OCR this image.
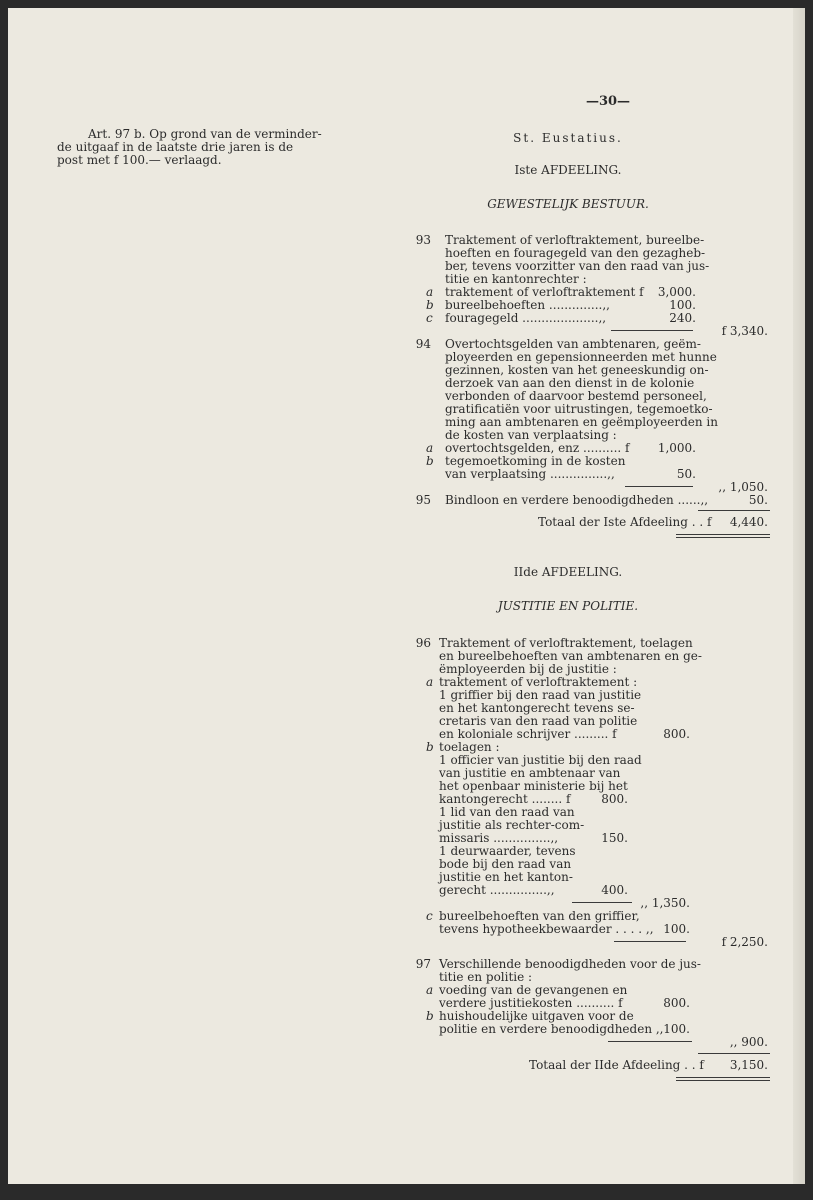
—30—
Art. 97 b. Op grond van de verminder-
de uitgaaf in de laatste drie jaren is de
post met f 100.— verlaagd.
St. Eustatius.
Iste AFDEELING.
GEWESTELIJK BESTUUR.
93 Traktement of verloftraktement, bureelbe-
hoeften en fouragegeld van den gezagheb-
ber, tevens voorzitter van den raad van jus-
titie en kantonrechter :
a traktement of verloftraktement f	3,000.
b bureelbehoeften ..............,,	100.
c fouragegeld ....................,,	240.
f 3,340.
94 Overtochtsgelden van ambtenaren, geëm-
ployeerden en gepensionneerden met hunne
gezinnen, kosten van het geneeskundig on-
derzoek van aan den dienst in de kolonie
verbonden of daarvoor bestemd personeel,
gratificatiën voor uitrustingen, tegemoetko-
ming aan ambtenaren en geëmployeerden in
de kosten van verplaatsing :
a overtochtsgelden, enz .......... f	1,000.
b tegemoetkoming in de kosten
van verplaatsing ...............,,	50.
,, 1,050.
95 Bindloon en verdere benoodigdheden ......,,	50.
Totaal der Iste Afdeeling . . f	4,440.
IIde AFDEELING.
JUSTITIE EN POLITIE.
96 Traktement of verloftraktement, toelagen
en bureelbehoeften van ambtenaren en ge-
ëmployeerden bij de justitie :
a traktement of verloftraktement :
1 griffier bij den raad van justitie
en het kantongerecht tevens se-
cretaris van den raad van politie
en koloniale schrijver ......... f	800.
b toelagen :
1 officier van justitie bij den raad
van justitie en ambtenaar van
het openbaar ministerie bij het
kantongerecht ........ f	800.
1 lid van den raad van
justitie als rechter-com-
missaris ...............,,	150.
1 deurwaarder, tevens
bode bij den raad van
justitie en het kanton-
gerecht ...............,,	400.
,, 1,350.
c bureelbehoeften van den griffier,
tevens hypotheekbewaarder . . . . ,, 100.
f 2,250.
97 Verschillende benoodigdheden voor de jus-
titie en politie :
a voeding van de gevangenen en
verdere justitiekosten .......... f	800.
b huishoudelijke uitgaven voor de
politie en verdere benoodigdheden ,, 100.
,, 900.
Totaal der IIde Afdeeling . . f	3,150.
